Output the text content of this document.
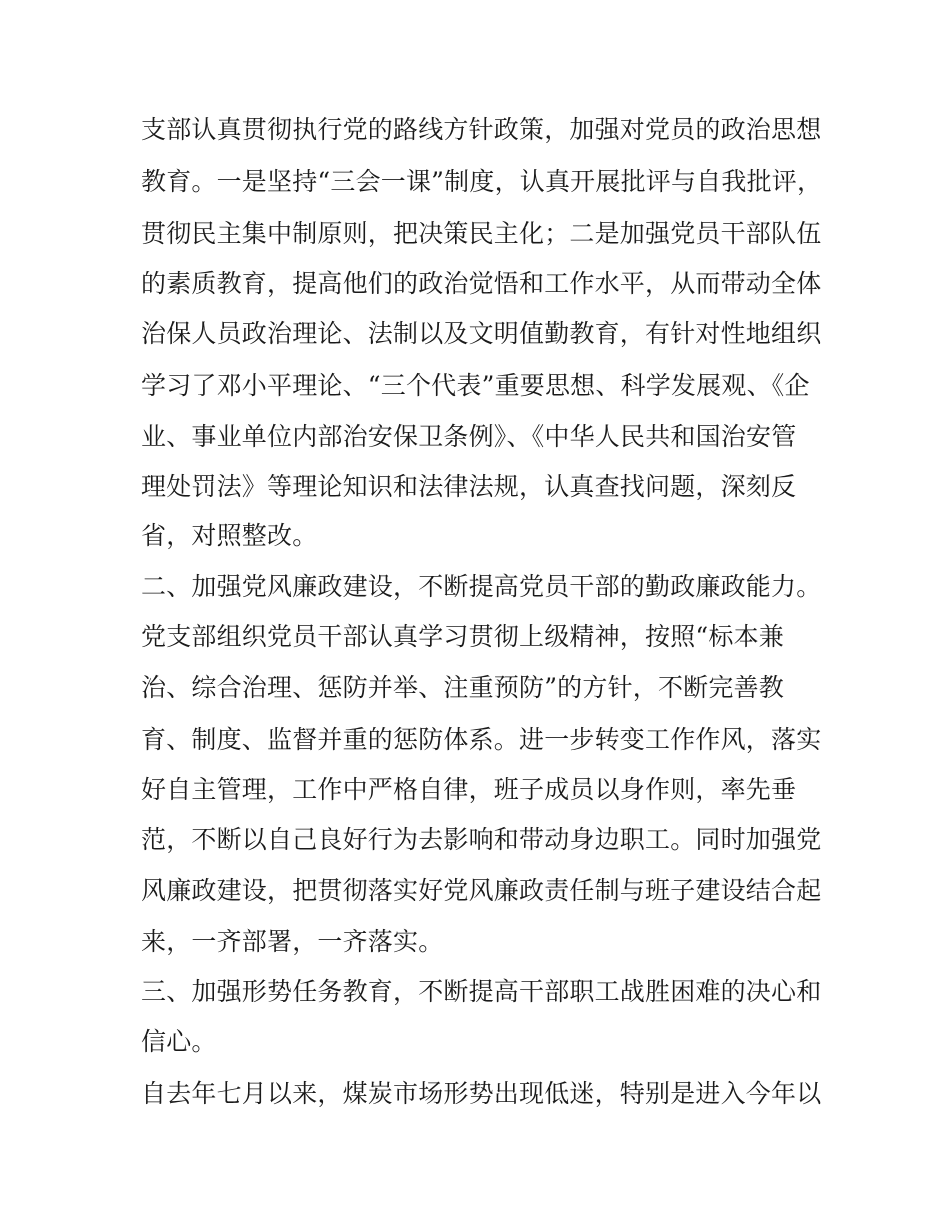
支部认真贯彻执行党的路线方针政策，加强对党员的政治思想
教育。一是坚持“三会一课”制度，认真开展批评与自我批评，
贯彻民主集中制原则，把决策民主化；二是加强党员干部队伍
的素质教育，提高他们的政治觉悟和工作水平，从而带动全体
治保人员政治理论、法制以及文明值勤教育，有针对性地组织
学习了邓小平理论、“三个代表”重要思想、科学发展观、《企
业、事业单位内部治安保卫条例》、《中华人民共和国治安管
理处罚法》等理论知识和法律法规，认真查找问题，深刻反
省，对照整改。
二、加强党风廉政建设，不断提高党员干部的勤政廉政能力。
党支部组织党员干部认真学习贯彻上级精神，按照“标本兼
治、综合治理、惩防并举、注重预防”的方针，不断完善教
育、制度、监督并重的惩防体系。进一步转变工作作风，落实
好自主管理，工作中严格自律，班子成员以身作则，率先垂
范，不断以自己良好行为去影响和带动身边职工。同时加强党
风廉政建设，把贯彻落实好党风廉政责任制与班子建设结合起
来，一齐部署，一齐落实。
三、加强形势任务教育，不断提高干部职工战胜困难的决心和
信心。
自去年七月以来，煤炭市场形势出现低迷，特别是进入今年以
